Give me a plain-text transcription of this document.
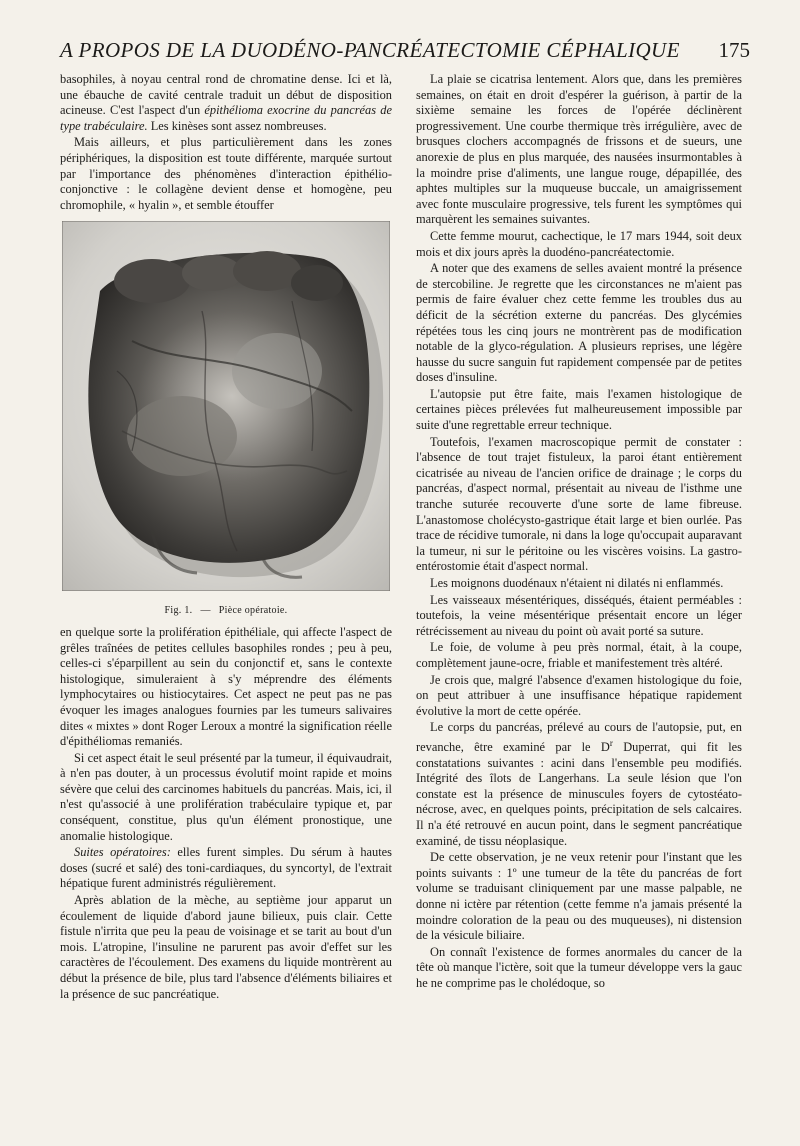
A PROPOS DE LA DUODÉNO-PANCRÉATECTOMIE CÉPHALIQUE 175

basophiles, à noyau central rond de chromatine dense. Ici et là, une ébauche de cavité centrale traduit un début de disposition acineuse. C'est l'aspect d'un épithélioma exocrine du pancréas de type trabéculaire. Les kinèses sont assez nombreuses.

Mais ailleurs, et plus particulièrement dans les zones périphériques, la disposition est toute différente, marquée surtout par l'importance des phénomènes d'interaction épithélio-conjonctive : le collagène devient dense et homogène, peu chromophile, « hyalin », et semble étouffer

Fig. 1. — Pièce opératoie.

en quelque sorte la prolifération épithéliale, qui affecte l'aspect de grêles traînées de petites cellules basophiles rondes ; peu à peu, celles-ci s'éparpillent au sein du conjonctif et, sans le contexte histologique, simuleraient à s'y méprendre des éléments lymphocytaires ou histiocytaires. Cet aspect ne peut pas ne pas évoquer les images analogues fournies par les tumeurs salivaires dites « mixtes » dont Roger Leroux a montré la signification réelle d'épithéliomas remaniés.

Si cet aspect était le seul présenté par la tumeur, il équivaudrait, à n'en pas douter, à un processus évolutif moint rapide et moins sévère que celui des carcinomes habituels du pancréas. Mais, ici, il n'est qu'associé à une prolifération trabéculaire typique et, par conséquent, constitue, plus qu'un élément pronostique, une anomalie histologique.

Suites opératoires: elles furent simples. Du sérum à hautes doses (sucré et salé) des toni-cardiaques, du syncortyl, de l'extrait hépatique furent administrés régulièrement.

Après ablation de la mèche, au septième jour apparut un écoulement de liquide d'abord jaune bilieux, puis clair. Cette fistule n'irrita que peu la peau de voisinage et se tarit au bout d'un mois. L'atropine, l'insuline ne parurent pas avoir d'effet sur les caractères de l'écoulement. Des examens du liquide montrèrent au début la présence de bile, plus tard l'absence d'éléments biliaires et la présence de suc pancréatique.

La plaie se cicatrisa lentement. Alors que, dans les premières semaines, on était en droit d'espérer la guérison, à partir de la sixième semaine les forces de l'opérée déclinèrent progressivement. Une courbe thermique très irrégulière, avec de brusques clochers accompagnés de frissons et de sueurs, une anorexie de plus en plus marquée, des nausées insurmontables à la moindre prise d'aliments, une langue rouge, dépapillée, des aphtes multiples sur la muqueuse buccale, un amaigrissement avec fonte musculaire progressive, tels furent les symptômes qui marquèrent les semaines suivantes.

Cette femme mourut, cachectique, le 17 mars 1944, soit deux mois et dix jours après la duodéno-pancréatectomie.

A noter que des examens de selles avaient montré la présence de stercobiline. Je regrette que les circonstances ne m'aient pas permis de faire évaluer chez cette femme les troubles dus au déficit de la sécrétion externe du pancréas. Des glycémies répétées tous les cinq jours ne montrèrent pas de modification notable de la glyco-régulation. A plusieurs reprises, une légère hausse du sucre sanguin fut rapidement compensée par de petites doses d'insuline.

L'autopsie put être faite, mais l'examen histologique de certaines pièces prélevées fut malheureusement impossible par suite d'une regrettable erreur technique.

Toutefois, l'examen macroscopique permit de constater : l'absence de tout trajet fistuleux, la paroi étant entièrement cicatrisée au niveau de l'ancien orifice de drainage ; le corps du pancréas, d'aspect normal, présentait au niveau de l'isthme une tranche suturée recouverte d'une sorte de lame fibreuse. L'anastomose cholécysto-gastrique était large et bien ourlée. Pas trace de récidive tumorale, ni dans la loge qu'occupait auparavant la tumeur, ni sur le péritoine ou les viscères voisins. La gastro-entérostomie était d'aspect normal.

Les moignons duodénaux n'étaient ni dilatés ni enflammés.

Les vaisseaux mésentériques, disséqués, étaient perméables : toutefois, la veine mésentérique présentait encore un léger rétrécissement au niveau du point où avait porté sa suture.

Le foie, de volume à peu près normal, était, à la coupe, complètement jaune-ocre, friable et manifestement très altéré.

Je crois que, malgré l'absence d'examen histologique du foie, on peut attribuer à une insuffisance hépatique rapidement évolutive la mort de cette opérée.

Le corps du pancréas, prélevé au cours de l'autopsie, put, en revanche, être examiné par le $D^r$ Duperrat, qui fit les constatations suivantes : acini dans l'ensemble peu modifiés. Intégrité des îlots de Langerhans. La seule lésion que l'on constate est la présence de minuscules foyers de cytostéato-nécrose, avec, en quelques points, précipitation de sels calcaires. Il n'a été retrouvé en aucun point, dans le segment pancréatique examiné, de tissu néoplasique.

De cette observation, je ne veux retenir pour l'instant que les points suivants : 1º une tumeur de la tête du pancréas de fort volume se traduisant cliniquement par une masse palpable, ne donne ni ictère par rétention (cette femme n'a jamais présenté la moindre coloration de la peau ou des muqueuses), ni distension de la vésicule biliaire.

On connaît l'existence de formes anormales du cancer de la tête où manque l'ictère, soit que la tumeur développe vers la gauc he ne comprime pas le cholédoque, so
